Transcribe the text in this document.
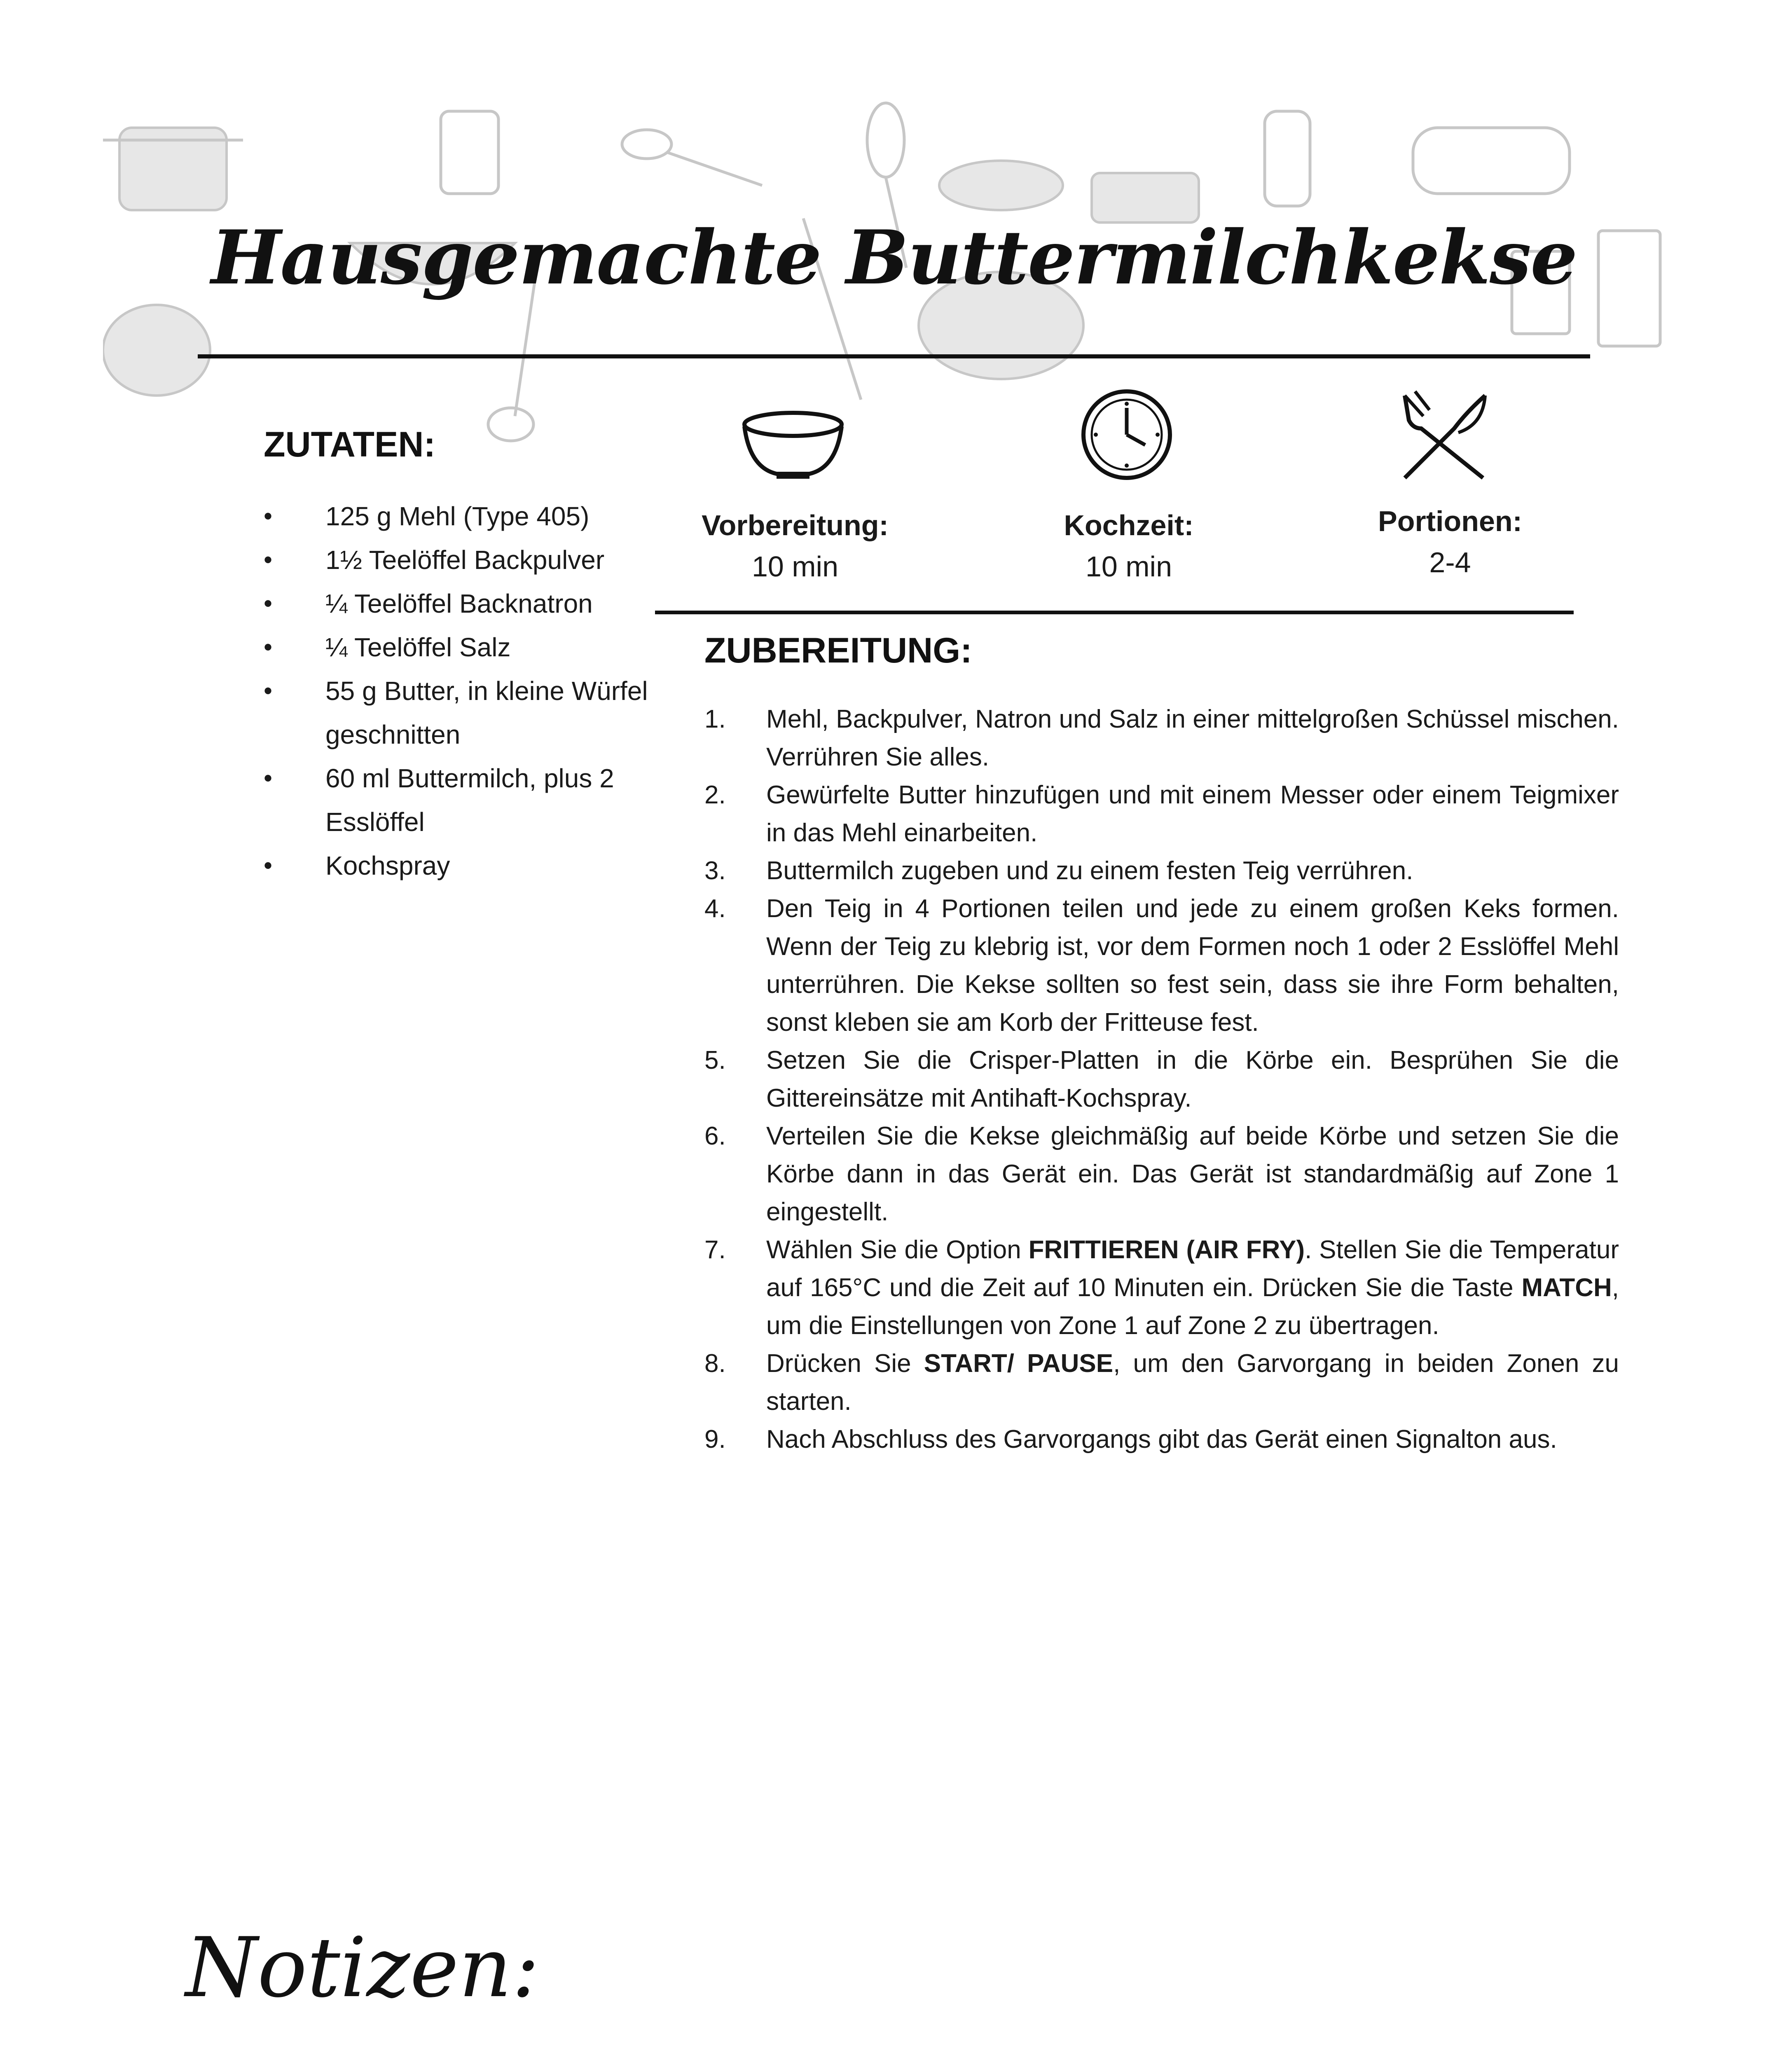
Hausgemachte Buttermilchkekse
ZUTATEN:
• 125 g Mehl (Type 405)
• 1½ Teelöffel Backpulver
• ¼ Teelöffel Backnatron
• ¼ Teelöffel Salz
• 55 g Butter, in kleine Würfel geschnitten
• 60 ml Buttermilch, plus 2 Esslöffel
• Kochspray
Vorbereitung:
10 min
Kochzeit:
10 min
Portionen:
2-4
ZUBEREITUNG:
1. Mehl, Backpulver, Natron und Salz in einer mittelgroßen Schüssel mischen. Verrühren Sie alles.
2. Gewürfelte Butter hinzufügen und mit einem Messer oder einem Teigmixer in das Mehl einarbeiten.
3. Buttermilch zugeben und zu einem festen Teig verrühren.
4. Den Teig in 4 Portionen teilen und jede zu einem großen Keks formen. Wenn der Teig zu klebrig ist, vor dem Formen noch 1 oder 2 Esslöffel Mehl unterrühren. Die Kekse sollten so fest sein, dass sie ihre Form behalten, sonst kleben sie am Korb der Fritteuse fest.
5. Setzen Sie die Crisper-Platten in die Körbe ein. Besprühen Sie die Gittereinsätze mit Antihaft-Kochspray.
6. Verteilen Sie die Kekse gleichmäßig auf beide Körbe und setzen Sie die Körbe dann in das Gerät ein. Das Gerät ist standardmäßig auf Zone 1 eingestellt.
7. Wählen Sie die Option FRITTIEREN (AIR FRY). Stellen Sie die Temperatur auf 165°C und die Zeit auf 10 Minuten ein. Drücken Sie die Taste MATCH, um die Einstellungen von Zone 1 auf Zone 2 zu übertragen.
8. Drücken Sie START/ PAUSE, um den Garvorgang in beiden Zonen zu starten.
9. Nach Abschluss des Garvorgangs gibt das Gerät einen Signalton aus.
Notizen:
